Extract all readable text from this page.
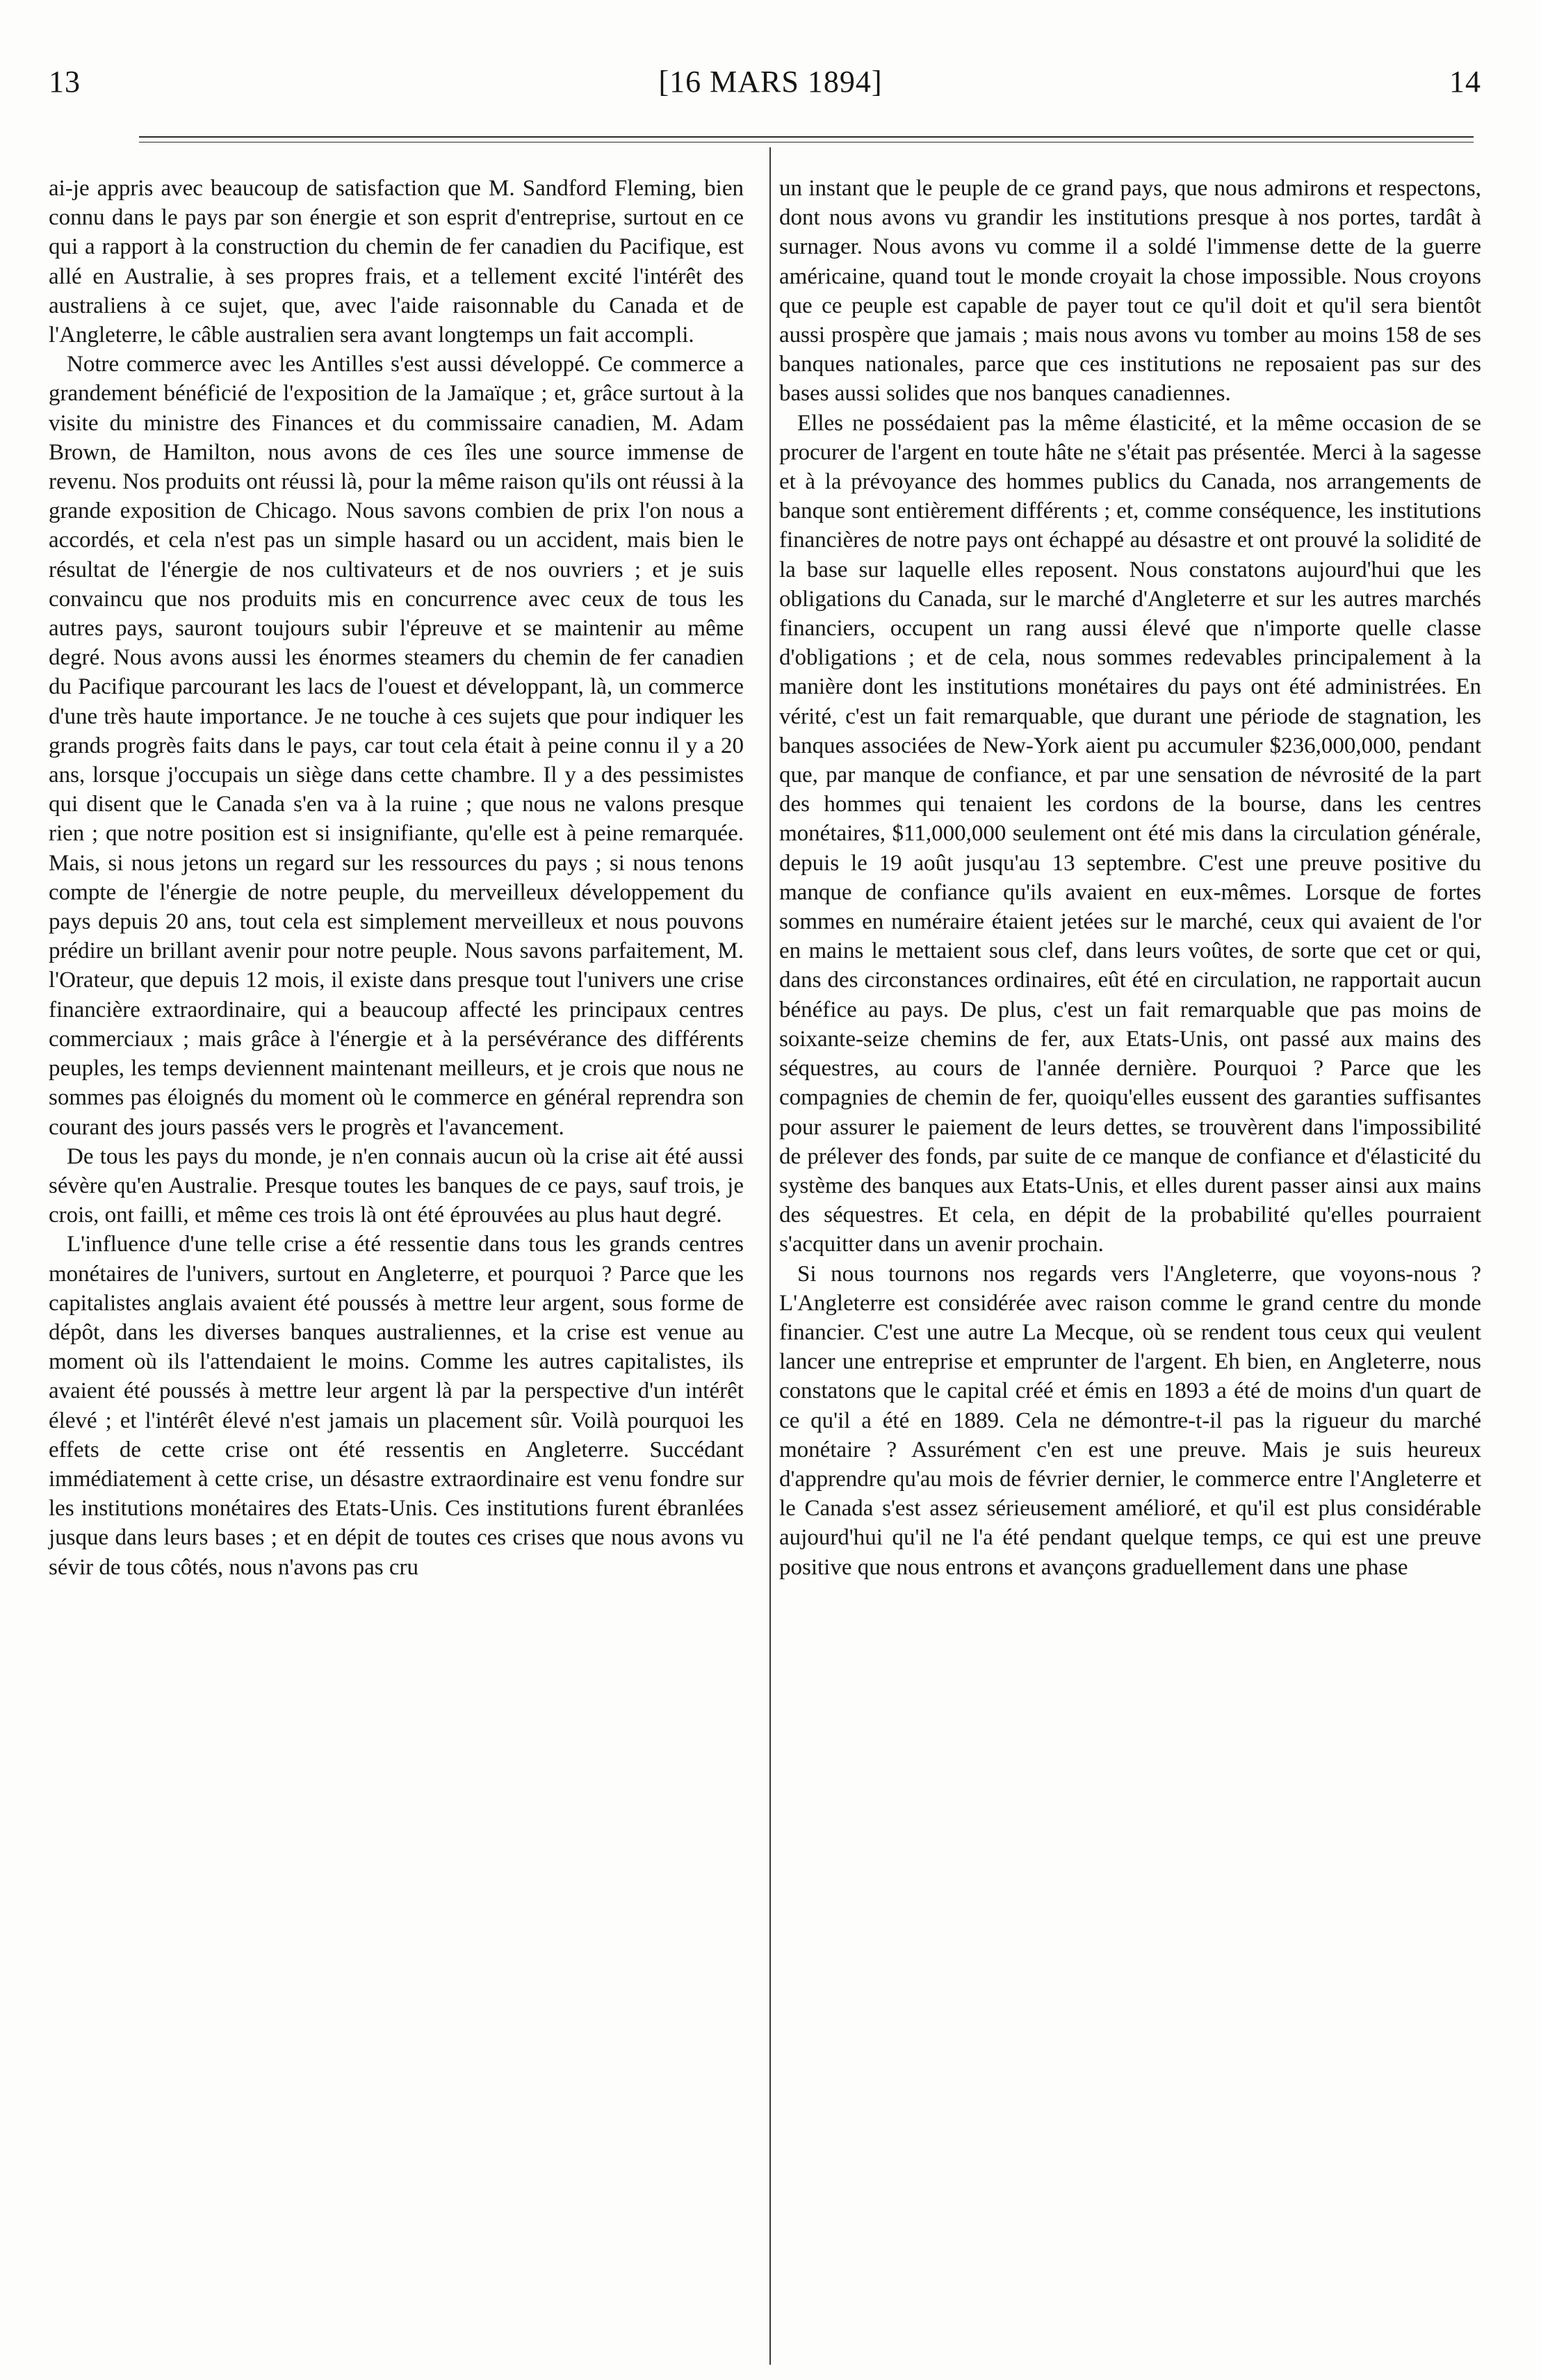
13	[16 MARS 1894]	14

ai-je appris avec beaucoup de satisfaction que M. Sandford Fleming, bien connu dans le pays par son énergie et son esprit d'entreprise, surtout en ce qui a rapport à la construction du chemin de fer canadien du Pacifique, est allé en Australie, à ses propres frais, et a tellement excité l'intérêt des australiens à ce sujet, que, avec l'aide raisonnable du Canada et de l'Angleterre, le câble australien sera avant longtemps un fait accompli.

Notre commerce avec les Antilles s'est aussi développé. Ce commerce a grandement bénéficié de l'exposition de la Jamaïque ; et, grâce surtout à la visite du ministre des Finances et du commissaire canadien, M. Adam Brown, de Hamilton, nous avons de ces îles une source immense de revenu. Nos produits ont réussi là, pour la même raison qu'ils ont réussi à la grande exposition de Chicago. Nous savons combien de prix l'on nous a accordés, et cela n'est pas un simple hasard ou un accident, mais bien le résultat de l'énergie de nos cultivateurs et de nos ouvriers ; et je suis convaincu que nos produits mis en concurrence avec ceux de tous les autres pays, sauront toujours subir l'épreuve et se maintenir au même degré. Nous avons aussi les énormes steamers du chemin de fer canadien du Pacifique parcourant les lacs de l'ouest et développant, là, un commerce d'une très haute importance. Je ne touche à ces sujets que pour indiquer les grands progrès faits dans le pays, car tout cela était à peine connu il y a 20 ans, lorsque j'occupais un siège dans cette chambre. Il y a des pessimistes qui disent que le Canada s'en va à la ruine ; que nous ne valons presque rien ; que notre position est si insignifiante, qu'elle est à peine remarquée. Mais, si nous jetons un regard sur les ressources du pays ; si nous tenons compte de l'énergie de notre peuple, du merveilleux développement du pays depuis 20 ans, tout cela est simplement merveilleux et nous pouvons prédire un brillant avenir pour notre peuple. Nous savons parfaitement, M. l'Orateur, que depuis 12 mois, il existe dans presque tout l'univers une crise financière extraordinaire, qui a beaucoup affecté les principaux centres commerciaux ; mais grâce à l'énergie et à la persévérance des différents peuples, les temps deviennent maintenant meilleurs, et je crois que nous ne sommes pas éloignés du moment où le commerce en général reprendra son courant des jours passés vers le progrès et l'avancement.

De tous les pays du monde, je n'en connais aucun où la crise ait été aussi sévère qu'en Australie. Presque toutes les banques de ce pays, sauf trois, je crois, ont failli, et même ces trois là ont été éprouvées au plus haut degré.

L'influence d'une telle crise a été ressentie dans tous les grands centres monétaires de l'univers, surtout en Angleterre, et pourquoi ? Parce que les capitalistes anglais avaient été poussés à mettre leur argent, sous forme de dépôt, dans les diverses banques australiennes, et la crise est venue au moment où ils l'attendaient le moins. Comme les autres capitalistes, ils avaient été poussés à mettre leur argent là par la perspective d'un intérêt élevé ; et l'intérêt élevé n'est jamais un placement sûr. Voilà pourquoi les effets de cette crise ont été ressentis en Angleterre. Succédant immédiatement à cette crise, un désastre extraordinaire est venu fondre sur les institutions monétaires des Etats-Unis. Ces institutions furent ébranlées jusque dans leurs bases ; et en dépit de toutes ces crises que nous avons vu sévir de tous côtés, nous n'avons pas cru

un instant que le peuple de ce grand pays, que nous admirons et respectons, dont nous avons vu grandir les institutions presque à nos portes, tardât à surnager. Nous avons vu comme il a soldé l'immense dette de la guerre américaine, quand tout le monde croyait la chose impossible. Nous croyons que ce peuple est capable de payer tout ce qu'il doit et qu'il sera bientôt aussi prospère que jamais ; mais nous avons vu tomber au moins 158 de ses banques nationales, parce que ces institutions ne reposaient pas sur des bases aussi solides que nos banques canadiennes.

Elles ne possédaient pas la même élasticité, et la même occasion de se procurer de l'argent en toute hâte ne s'était pas présentée. Merci à la sagesse et à la prévoyance des hommes publics du Canada, nos arrangements de banque sont entièrement différents ; et, comme conséquence, les institutions financières de notre pays ont échappé au désastre et ont prouvé la solidité de la base sur laquelle elles reposent. Nous constatons aujourd'hui que les obligations du Canada, sur le marché d'Angleterre et sur les autres marchés financiers, occupent un rang aussi élevé que n'importe quelle classe d'obligations ; et de cela, nous sommes redevables principalement à la manière dont les institutions monétaires du pays ont été administrées. En vérité, c'est un fait remarquable, que durant une période de stagnation, les banques associées de New-York aient pu accumuler $236,000,000, pendant que, par manque de confiance, et par une sensation de névrosité de la part des hommes qui tenaient les cordons de la bourse, dans les centres monétaires, $11,000,000 seulement ont été mis dans la circulation générale, depuis le 19 août jusqu'au 13 septembre. C'est une preuve positive du manque de confiance qu'ils avaient en eux-mêmes. Lorsque de fortes sommes en numéraire étaient jetées sur le marché, ceux qui avaient de l'or en mains le mettaient sous clef, dans leurs voûtes, de sorte que cet or qui, dans des circonstances ordinaires, eût été en circulation, ne rapportait aucun bénéfice au pays. De plus, c'est un fait remarquable que pas moins de soixante-seize chemins de fer, aux Etats-Unis, ont passé aux mains des séquestres, au cours de l'année dernière. Pourquoi ? Parce que les compagnies de chemin de fer, quoiqu'elles eussent des garanties suffisantes pour assurer le paiement de leurs dettes, se trouvèrent dans l'impossibilité de prélever des fonds, par suite de ce manque de confiance et d'élasticité du système des banques aux Etats-Unis, et elles durent passer ainsi aux mains des séquestres. Et cela, en dépit de la probabilité qu'elles pourraient s'acquitter dans un avenir prochain.

Si nous tournons nos regards vers l'Angleterre, que voyons-nous ? L'Angleterre est considérée avec raison comme le grand centre du monde financier. C'est une autre La Mecque, où se rendent tous ceux qui veulent lancer une entreprise et emprunter de l'argent. Eh bien, en Angleterre, nous constatons que le capital créé et émis en 1893 a été de moins d'un quart de ce qu'il a été en 1889. Cela ne démontre-t-il pas la rigueur du marché monétaire ? Assurément c'en est une preuve. Mais je suis heureux d'apprendre qu'au mois de février dernier, le commerce entre l'Angleterre et le Canada s'est assez sérieusement amélioré, et qu'il est plus considérable aujourd'hui qu'il ne l'a été pendant quelque temps, ce qui est une preuve positive que nous entrons et avançons graduellement dans une phase
